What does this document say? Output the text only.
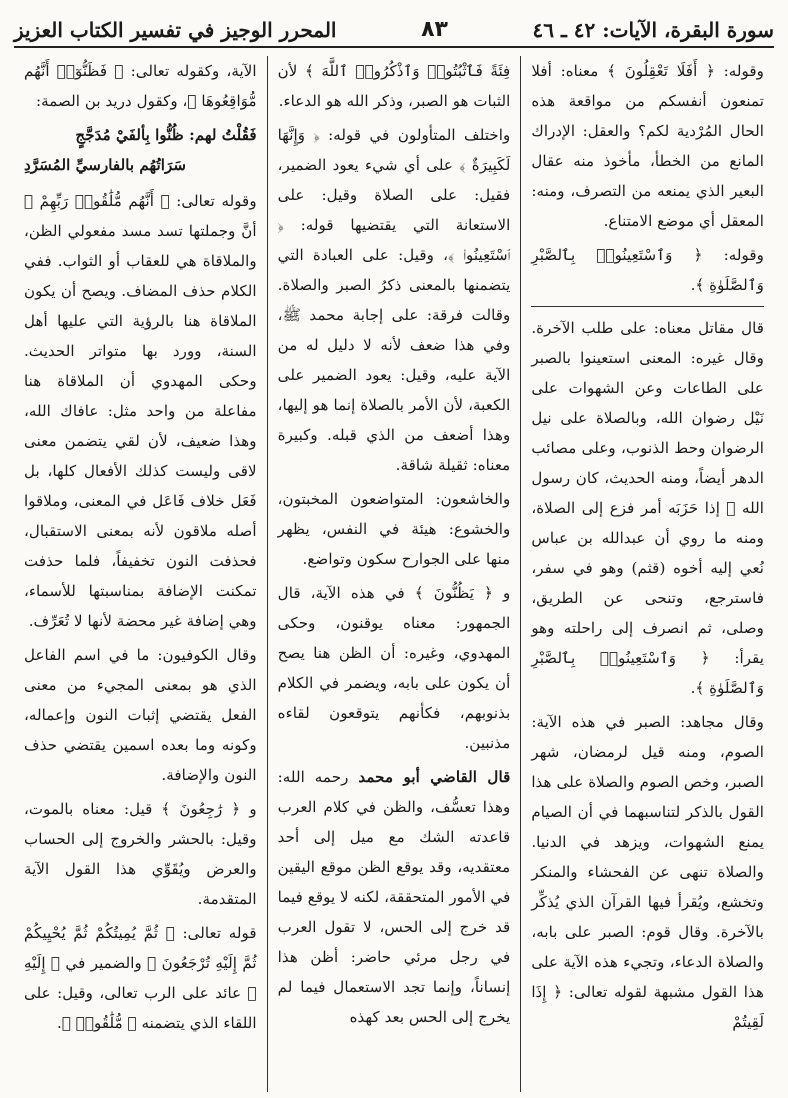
سورة البقرة، الآيات: ٤٢ ـ ٤٦
٨٣
المحرر الوجيز في تفسير الكتاب العزيز

وقوله: ﴿ أَفَلَا تَعْقِلُونَ ﴾ معناه: أفلا تمنعون أنفسكم من مواقعة هذه الحال المُرْدية لكم؟ والعقل: الإدراك المانع من الخطأ، مأخوذ منه عقال البعير الذي يمنعه من التصرف، ومنه: المعقل أي موضع الامتناع.

وقوله: ﴿ وَٱسْتَعِينُوا۟ بِٱلصَّبْرِ وَٱلصَّلَوٰةِ ﴾.

قال مقاتل معناه: على طلب الآخرة. وقال غيره: المعنى استعينوا بالصبر على الطاعات وعن الشهوات على نَيْل رضوان الله، وبالصلاة على نيل الرضوان وحط الذنوب، وعلى مصائب الدهر أيضاً، ومنه الحديث، كان رسول الله ﷺ إذا حَزَبَه أمر فزع إلى الصلاة، ومنه ما روي أن عبدالله بن عباس نُعي إليه أخوه (قثم) وهو في سفر، فاسترجع، وتنحى عن الطريق، وصلى، ثم انصرف إلى راحلته وهو يقرأ: ﴿ وَٱسْتَعِينُوا۟ بِٱلصَّبْرِ وَٱلصَّلَوٰةِ ﴾.

وقال مجاهد: الصبر في هذه الآية: الصوم، ومنه قيل لرمضان، شهر الصبر، وخص الصوم والصلاة على هذا القول بالذكر لتناسبهما في أن الصيام يمنع الشهوات، ويزهد في الدنيا. والصلاة تنهى عن الفحشاء والمنكر وتخشع، ويُقرأ فيها القرآن الذي يُذكِّر بالآخرة. وقال قوم: الصبر على بابه، والصلاة الدعاء، وتجيء هذه الآية على هذا القول مشبهة لقوله تعالى: ﴿ إِذَا لَقِيتُمْ

فِئَةً فَٱثْبُتُوا۟ وَٱذْكُرُوا۟ ٱللَّهَ ﴾ لأن الثبات هو الصبر، وذكر الله هو الدعاء.

واختلف المتأولون في قوله: ﴿ وَإِنَّهَا لَكَبِيرَةٌ ﴾ على أي شيء يعود الضمير، فقيل: على الصلاة وقيل: على الاستعانة التي يقتضيها قوله: ﴿ ٱسْتَعِينُوا۟ ﴾، وقيل: على العبادة التي يتضمنها بالمعنى ذكرُ الصبر والصلاة. وقالت فرقة: على إجابة محمد ﷺ، وفي هذا ضعف لأنه لا دليل له من الآية عليه، وقيل: يعود الضمير على الكعبة، لأن الأمر بالصلاة إنما هو إليها، وهذا أضعف من الذي قبله. وكبيرة معناه: ثقيلة شاقة.

والخاشعون: المتواضعون المخبتون، والخشوع: هيئة في النفس، يظهر منها على الجوارح سكون وتواضع.

و ﴿ يَظُنُّونَ ﴾ في هذه الآية، قال الجمهور: معناه يوقنون، وحكى المهدوي، وغيره: أن الظن هنا يصح أن يكون على بابه، ويضمر في الكلام بذنوبهم، فكأنهم يتوقعون لقاءه مذنبين.

قال القاضي أبو محمد رحمه الله: وهذا تعسُّف، والظن في كلام العرب قاعدته الشك مع ميل إلى أحد معتقديه، وقد يوقع الظن موقع اليقين في الأمور المتحققة، لكنه لا يوقع فيما قد خرج إلى الحس، لا تقول العرب في رجل مرئي حاضر: أظن هذا إنساناً، وإنما تجد الاستعمال فيما لم يخرج إلى الحس بعد كهذه

الآية، وكقوله تعالى: ﴿ فَظَنُّوٓا۟ أَنَّهُم مُّوَاقِعُوهَا ﴾، وكقول دريد بن الصمة:

فَقُلْتُ لهم: ظُنُّوا بِألفَيْ مُدَجَّجٍ
سَرَاتُهُم بالفارسيِّ المُسَرَّدِ

وقوله تعالى: ﴿ أَنَّهُم مُّلَٰقُوا۟ رَبِّهِمْ ﴾ أنَّ وجملتها تسد مسد مفعولي الظن، والملاقاة هي للعقاب أو الثواب. ففي الكلام حذف المضاف. ويصح أن يكون الملاقاة هنا بالرؤية التي عليها أهل السنة، وورد بها متواتر الحديث. وحكى المهدوي أن الملاقاة هنا مفاعلة من واحد مثل: عافاك الله، وهذا ضعيف، لأن لقي يتضمن معنى لاقى وليست كذلك الأفعال كلها، بل فَعَل خلاف فَاعَل في المعنى، وملاقوا أصله ملاقون لأنه بمعنى الاستقبال، فحذفت النون تخفيفاً، فلما حذفت تمكنت الإضافة بمناسبتها للأسماء، وهي إضافة غير محضة لأنها لا تُعَرِّف.

وقال الكوفيون: ما في اسم الفاعل الذي هو بمعنى المجيء من معنى الفعل يقتضي إثبات النون وإعماله، وكونه وما بعده اسمين يقتضي حذف النون والإضافة.

و ﴿ رَٰجِعُونَ ﴾ قيل: معناه بالموت، وقيل: بالحشر والخروج إلى الحساب والعرض ويُقَوِّي هذا القول الآية المتقدمة.

قوله تعالى: ﴿ ثُمَّ يُمِيتُكُمْ ثُمَّ يُحْيِيكُمْ ثُمَّ إِلَيْهِ تُرْجَعُونَ ﴾ والضمير في ﴿ إِلَيْهِ ﴾ عائد على الرب تعالى، وقيل: على اللقاء الذي يتضمنه ﴿ مُّلَٰقُوا۟ ﴾.
